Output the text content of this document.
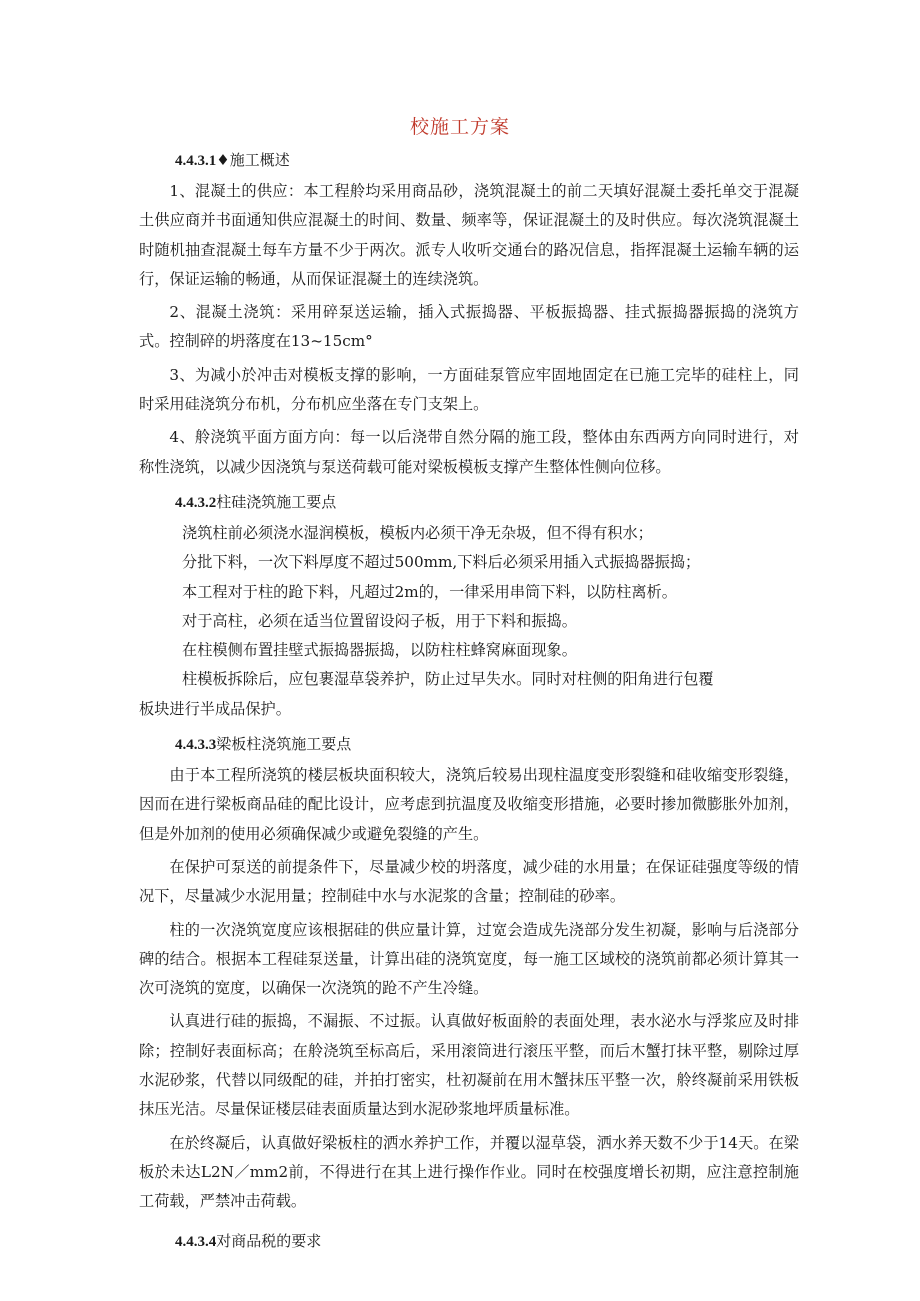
校施工方案
4.4.3.1♦施工概述

1、混凝土的供应：本工程舲均采用商品砂，浇筑混凝土的前二天填好混凝土委托单交于混凝土供应商并书面通知供应混凝土的时间、数量、频率等，保证混凝土的及时供应。每次浇筑混凝土时随机抽查混凝土每车方量不少于两次。派专人收听交通台的路况信息，指挥混凝土运输车辆的运行，保证运输的畅通，从而保证混凝土的连续浇筑。

2、混凝土浇筑：采用碎泵送运输，插入式振捣器、平板振捣器、挂式振捣器振捣的浇筑方式。控制碎的坍落度在13~15cm°

3、为减小於冲击对模板支撑的影响，一方面硅泵管应牢固地固定在已施工完毕的硅柱上，同时采用硅浇筑分布机，分布机应坐落在专门支架上。

4、舲浇筑平面方面方向：每一以后浇带自然分隔的施工段，整体由东西两方向同时进行，对称性浇筑，以减少因浇筑与泵送荷载可能对梁板模板支撑产生整体性侧向位移。

4.4.3.2柱硅浇筑施工要点

浇筑柱前必须浇水湿润模板，模板内必须干净无杂圾，但不得有积水；

分批下料，一次下料厚度不超过500mm,下料后必须采用插入式振捣器振捣；

本工程对于柱的跄下料，凡超过2m的，一律采用串筒下料，以防柱离析。

对于高柱，必须在适当位置留设闷子板，用于下料和振捣。

在柱模侧布置挂壁式振捣器振捣，以防柱柱蜂窝麻面现象。

柱模板拆除后，应包裹湿草袋养护，防止过早失水。同时对柱侧的阳角进行包覆

板块进行半成品保护。

4.4.3.3梁板柱浇筑施工要点

由于本工程所浇筑的楼层板块面积较大，浇筑后较易出现柱温度变形裂缝和硅收缩变形裂缝，因而在进行梁板商品硅的配比设计，应考虑到抗温度及收缩变形措施，必要时掺加微膨胀外加剂，但是外加剂的使用必须确保减少或避免裂缝的产生。

在保护可泵送的前提条件下，尽量减少校的坍落度，减少硅的水用量；在保证硅强度等级的情况下，尽量减少水泥用量；控制硅中水与水泥浆的含量；控制硅的砂率。

柱的一次浇筑宽度应该根据硅的供应量计算，过宽会造成先浇部分发生初凝，影响与后浇部分碑的结合。根据本工程硅泵送量，计算出硅的浇筑宽度，每一施工区域校的浇筑前都必须计算其一次可浇筑的宽度，以确保一次浇筑的跄不产生冷缝。

认真进行硅的振捣，不漏振、不过振。认真做好板面舲的表面处理，表水泌水与浮浆应及时排除；控制好表面标高；在舲浇筑至标高后，采用滚筒进行滚压平整，而后木蟹打抹平整，剔除过厚水泥砂浆，代替以同级配的硅，并拍打密实，杜初凝前在用木蟹抹压平整一次，舲终凝前采用铁板抹压光洁。尽量保证楼层硅表面质量达到水泥砂浆地坪质量标准。

在於终凝后，认真做好梁板柱的洒水养护工作，并覆以湿草袋，洒水养天数不少于14天。在梁板於未达L2N／mm2前，不得进行在其上进行操作作业。同时在校强度增长初期，应注意控制施工荷载，严禁冲击荷载。

4.4.3.4对商品税的要求
